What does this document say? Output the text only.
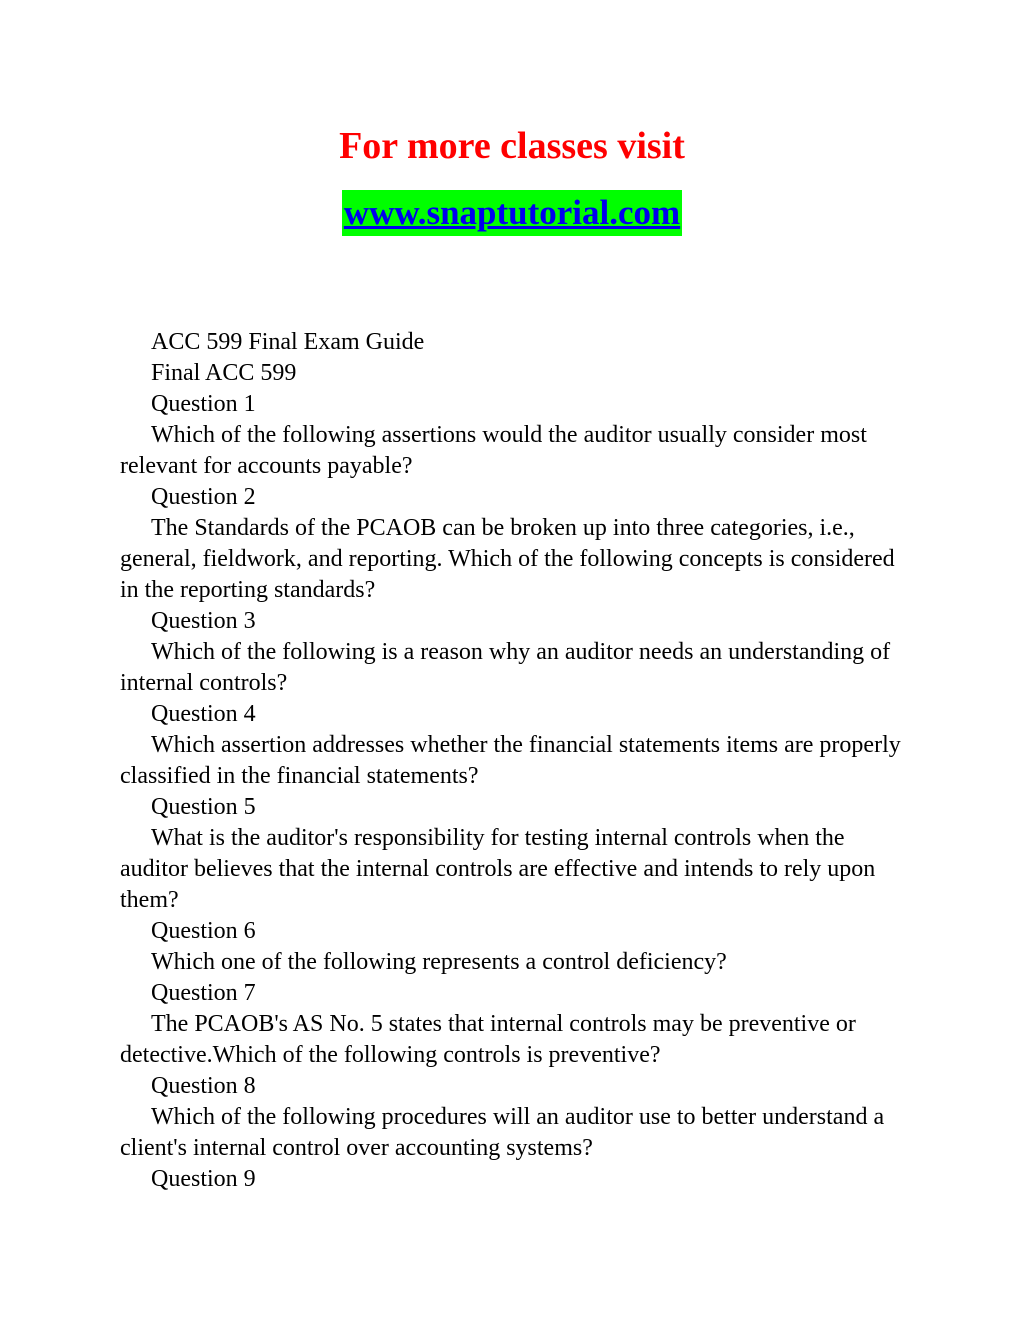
For more classes visit
www.snaptutorial.com

ACC 599 Final Exam Guide

Final ACC 599

Question 1

Which of the following assertions would the auditor usually consider most relevant for accounts payable?

Question 2

The Standards of the PCAOB can be broken up into three categories, i.e., general, fieldwork, and reporting. Which of the following concepts is considered in the reporting standards?

Question 3

Which of the following is a reason why an auditor needs an understanding of internal controls?

Question 4

Which assertion addresses whether the financial statements items are properly classified in the financial statements?

Question 5

What is the auditor's responsibility for testing internal controls when the auditor believes that the internal controls are effective and intends to rely upon them?

Question 6

Which one of the following represents a control deficiency?

Question 7

The PCAOB's AS No. 5 states that internal controls may be preventive or detective.Which of the following controls is preventive?

Question 8

Which of the following procedures will an auditor use to better understand a client's internal control over accounting systems?

Question 9
